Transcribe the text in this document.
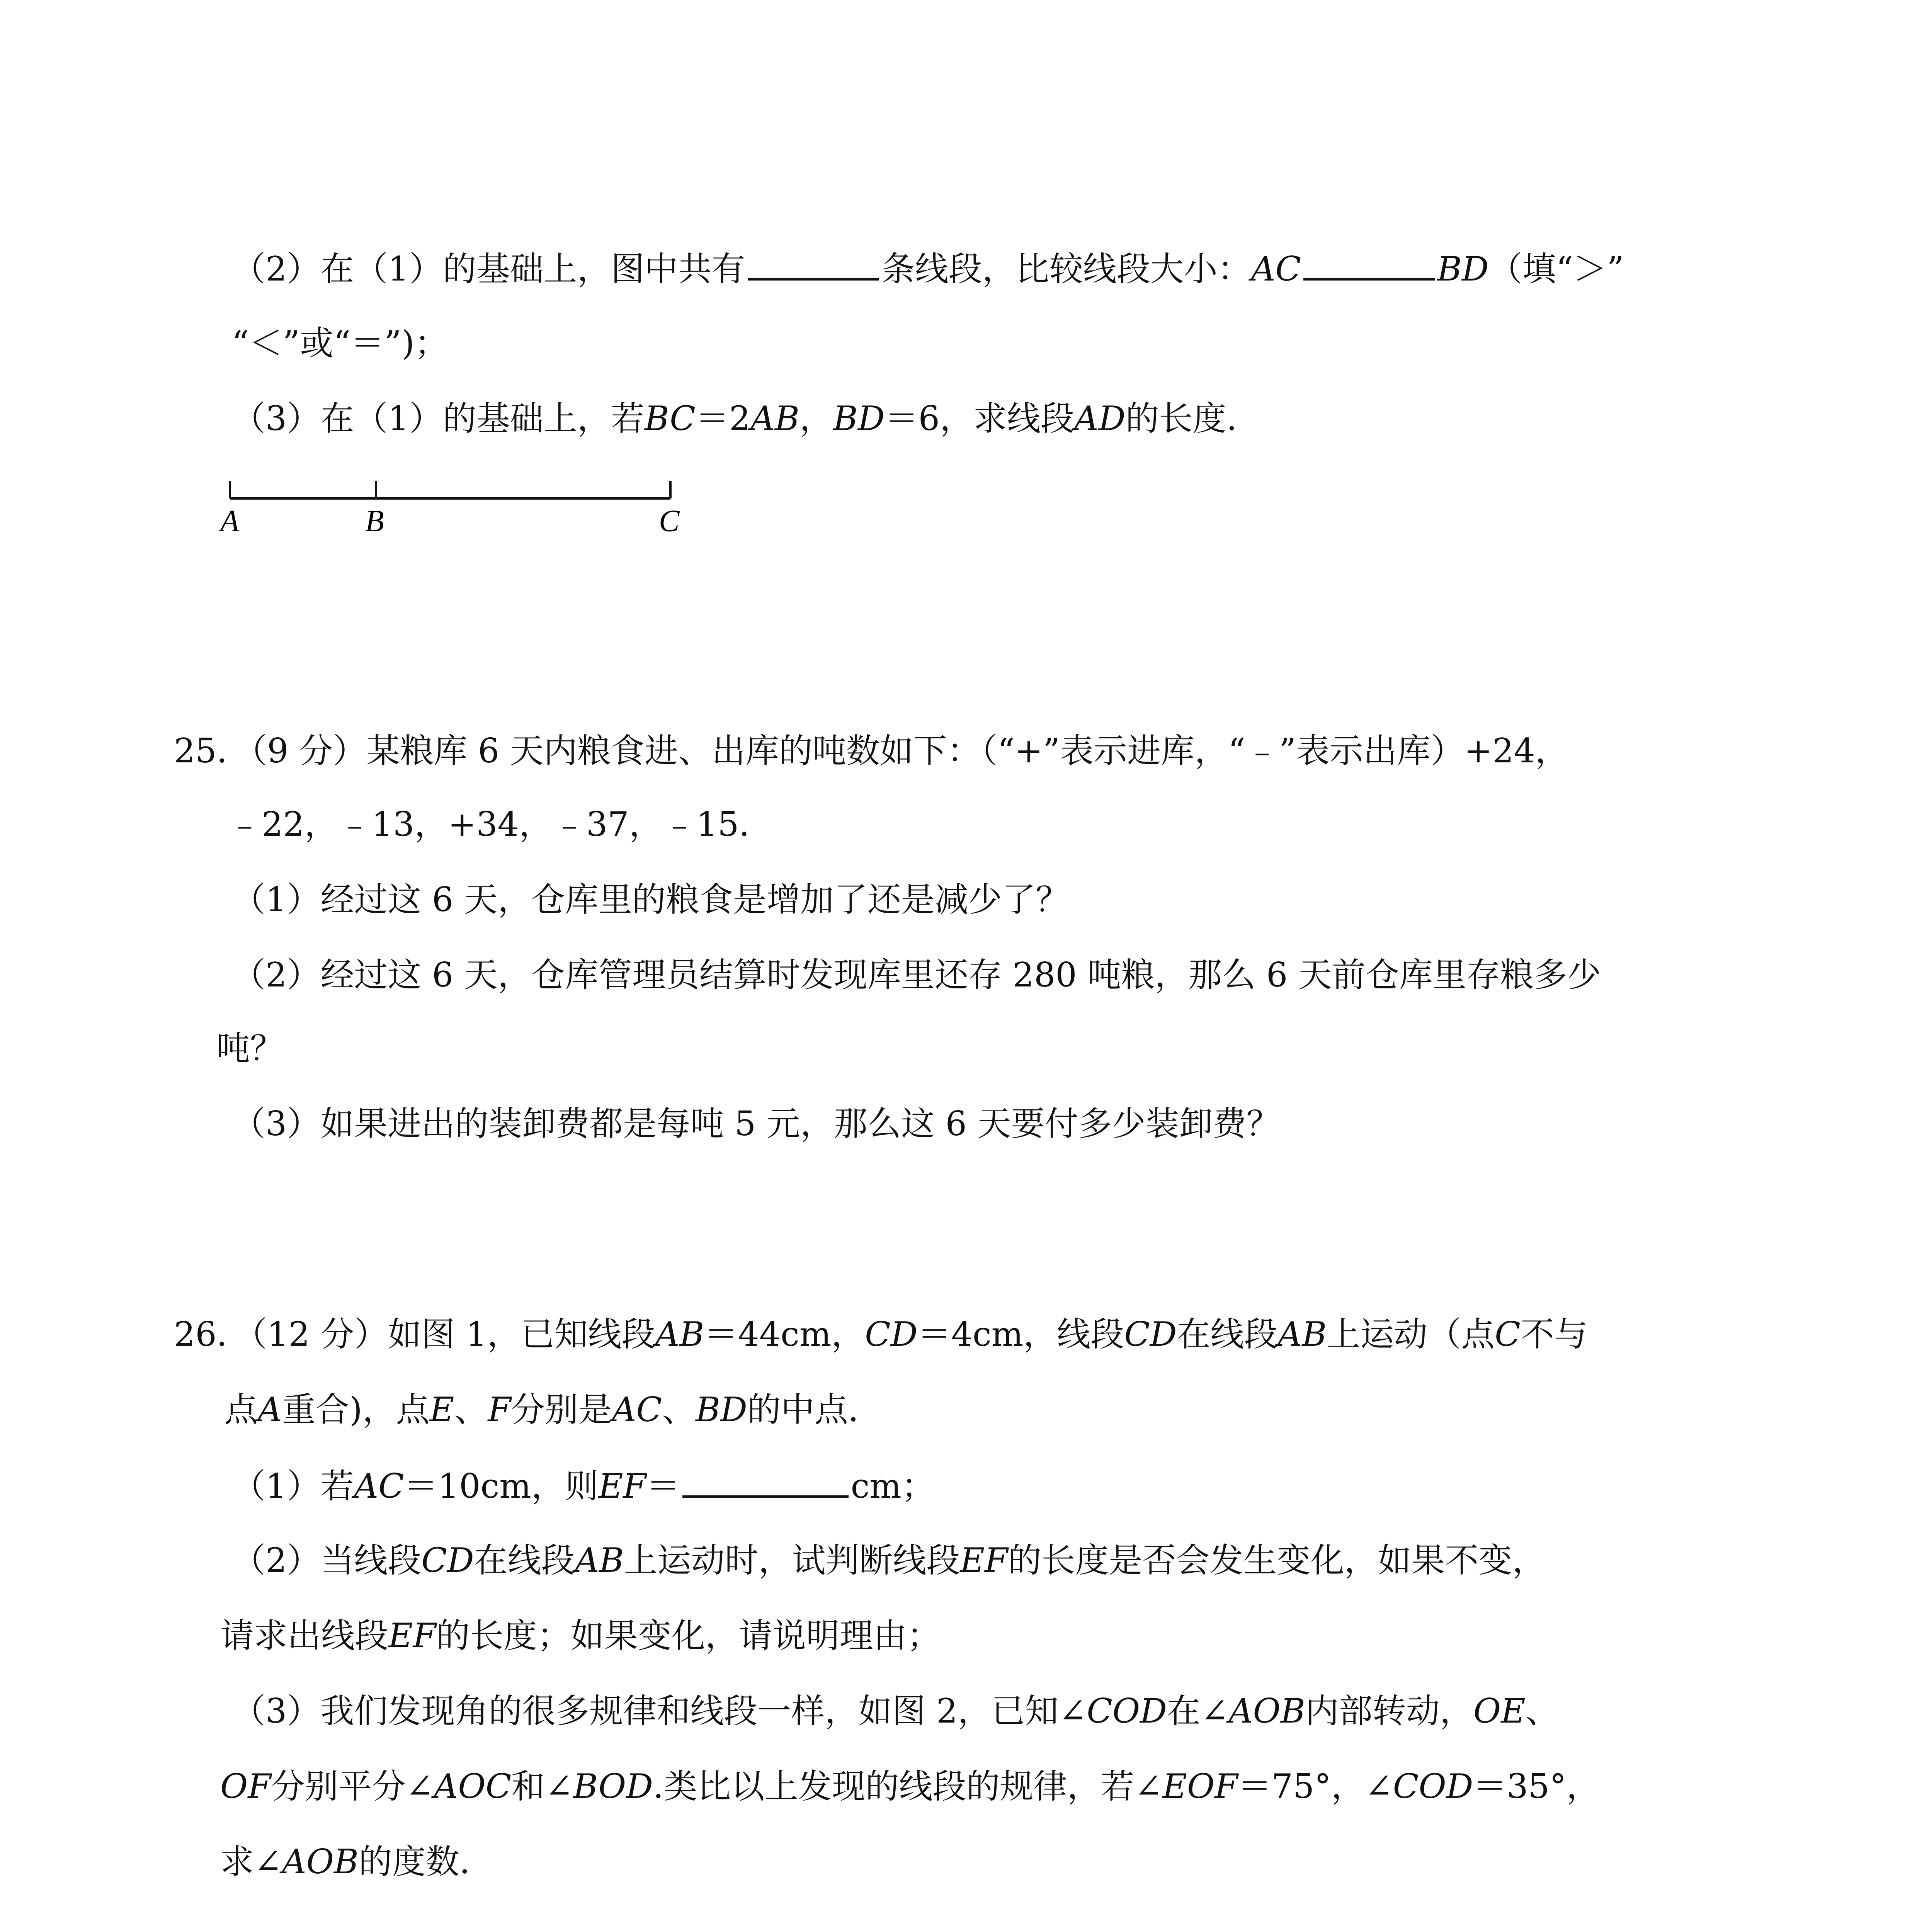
（2）在（1）的基础上，图中共有	条线段，比较线段大小：AC	BD（填“＞”
“＜”或“＝”)；
（3）在（1）的基础上，若BC＝2AB，BD＝6，求线段AD的长度.
25．（9 分）某粮库 6 天内粮食进、出库的吨数如下：（“+”表示进库，“﹣”表示出库）+24，
﹣22，﹣13，+34，﹣37，﹣15．
（1）经过这 6 天，仓库里的粮食是增加了还是减少了？
（2）经过这 6 天，仓库管理员结算时发现库里还存 280 吨粮，那么 6 天前仓库里存粮多少
吨？
（3）如果进出的装卸费都是每吨 5 元，那么这 6 天要付多少装卸费？
26．（12 分）如图 1，已知线段AB＝44cm，CD＝4cm，线段CD在线段AB上运动（点C不与
点A重合)，点E、F分别是AC、BD的中点．
（1）若AC＝10cm，则EF＝	cm；
（2）当线段CD在线段AB上运动时，试判断线段EF的长度是否会发生变化，如果不变，
请求出线段EF的长度；如果变化，请说明理由；
（3）我们发现角的很多规律和线段一样，如图 2，已知∠COD在∠AOB内部转动，OE、
OF分别平分∠AOC和∠BOD.类比以上发现的线段的规律，若∠EOF＝75°，∠COD＝35°，
求∠AOB的度数．
A	B	C
